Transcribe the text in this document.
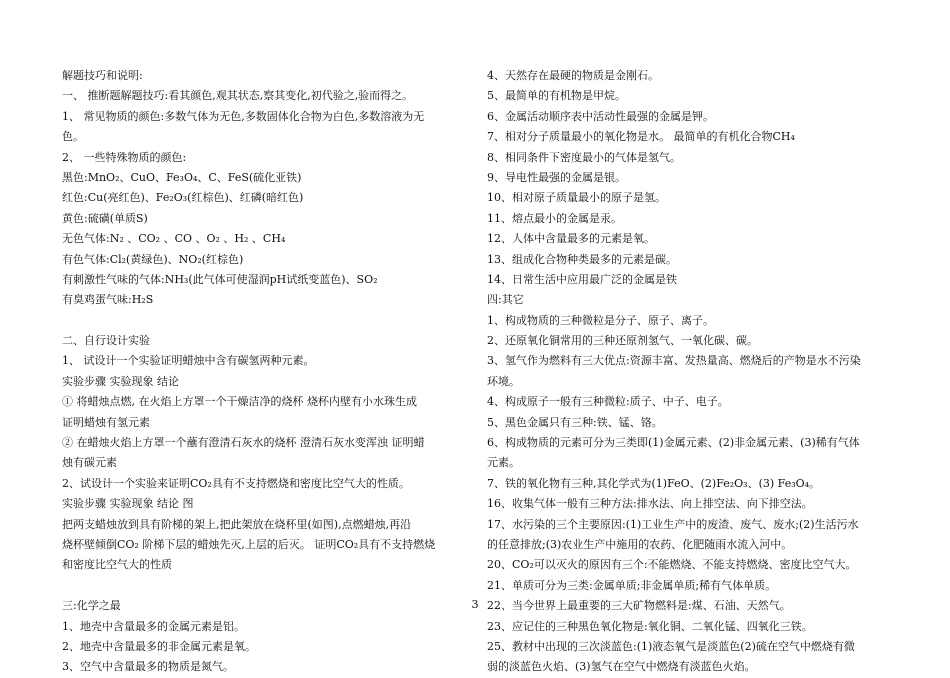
解题技巧和说明:
一、 推断题解题技巧:看其颜色,观其状态,察其变化,初代验之,验而得之。
1、 常见物质的颜色:多数气体为无色,多数固体化合物为白色,多数溶液为无
色。
2、 一些特殊物质的颜色:
黑色:MnO₂、CuO、Fe₃O₄、C、FeS(硫化亚铁)
红色:Cu(亮红色)、Fe₂O₃(红棕色)、红磷(暗红色)
黄色:硫磺(单质S)
无色气体:N₂ 、CO₂ 、CO 、O₂ 、H₂ 、CH₄
有色气体:Cl₂(黄绿色)、NO₂(红棕色)
有刺激性气味的气体:NH₃(此气体可使湿润pH试纸变蓝色)、SO₂
有臭鸡蛋气味:H₂S
二、自行设计实验
1、 试设计一个实验证明蜡烛中含有碳氢两种元素。
实验步骤 实验现象 结论
① 将蜡烛点燃, 在火焰上方罩一个干燥洁净的烧杯 烧杯内壁有小水珠生成
证明蜡烛有氢元素
② 在蜡烛火焰上方罩一个蘸有澄清石灰水的烧杯 澄清石灰水变浑浊 证明蜡
烛有碳元素
2、试设计一个实验来证明CO₂具有不支持燃烧和密度比空气大的性质。
实验步骤 实验现象 结论 图
把两支蜡烛放到具有阶梯的架上,把此架放在烧杯里(如图),点燃蜡烛,再沿
烧杯壁倾倒CO₂ 阶梯下层的蜡烛先灭,上层的后灭。 证明CO₂具有不支持燃烧
和密度比空气大的性质
三:化学之最
1、地壳中含量最多的金属元素是铝。
2、地壳中含量最多的非金属元素是氧。
3、空气中含量最多的物质是氮气。
4、天然存在最硬的物质是金刚石。
5、最简单的有机物是甲烷。
6、金属活动顺序表中活动性最强的金属是钾。
7、相对分子质量最小的氧化物是水。 最简单的有机化合物CH₄
8、相同条件下密度最小的气体是氢气。
9、导电性最强的金属是银。
10、相对原子质量最小的原子是氢。
11、熔点最小的金属是汞。
12、人体中含量最多的元素是氧。
13、组成化合物种类最多的元素是碳。
14、日常生活中应用最广泛的金属是铁
四:其它
1、构成物质的三种微粒是分子、原子、离子。
2、还原氧化铜常用的三种还原剂氢气、一氧化碳、碳。
3、氢气作为燃料有三大优点:资源丰富、发热量高、燃烧后的产物是水不污染
环境。
4、构成原子一般有三种微粒:质子、中子、电子。
5、黑色金属只有三种:铁、锰、铬。
6、构成物质的元素可分为三类即(1)金属元素、(2)非金属元素、(3)稀有气体
元素。
7、铁的氧化物有三种,其化学式为(1)FeO、(2)Fe₂O₃、(3) Fe₃O₄。
16、收集气体一般有三种方法:排水法、向上排空法、向下排空法。
17、水污染的三个主要原因:(1)工业生产中的废渣、废气、废水;(2)生活污水
的任意排放;(3)农业生产中施用的农药、化肥随雨水流入河中。
20、CO₂可以灭火的原因有三个:不能燃烧、不能支持燃烧、密度比空气大。
21、单质可分为三类:金属单质;非金属单质;稀有气体单质。
22、当今世界上最重要的三大矿物燃料是:煤、石油、天然气。
23、应记住的三种黑色氧化物是:氧化铜、二氧化锰、四氧化三铁。
25、教材中出现的三次淡蓝色:(1)液态氧气是淡蓝色(2)硫在空气中燃烧有微
弱的淡蓝色火焰、(3)氢气在空气中燃烧有淡蓝色火焰。
3
